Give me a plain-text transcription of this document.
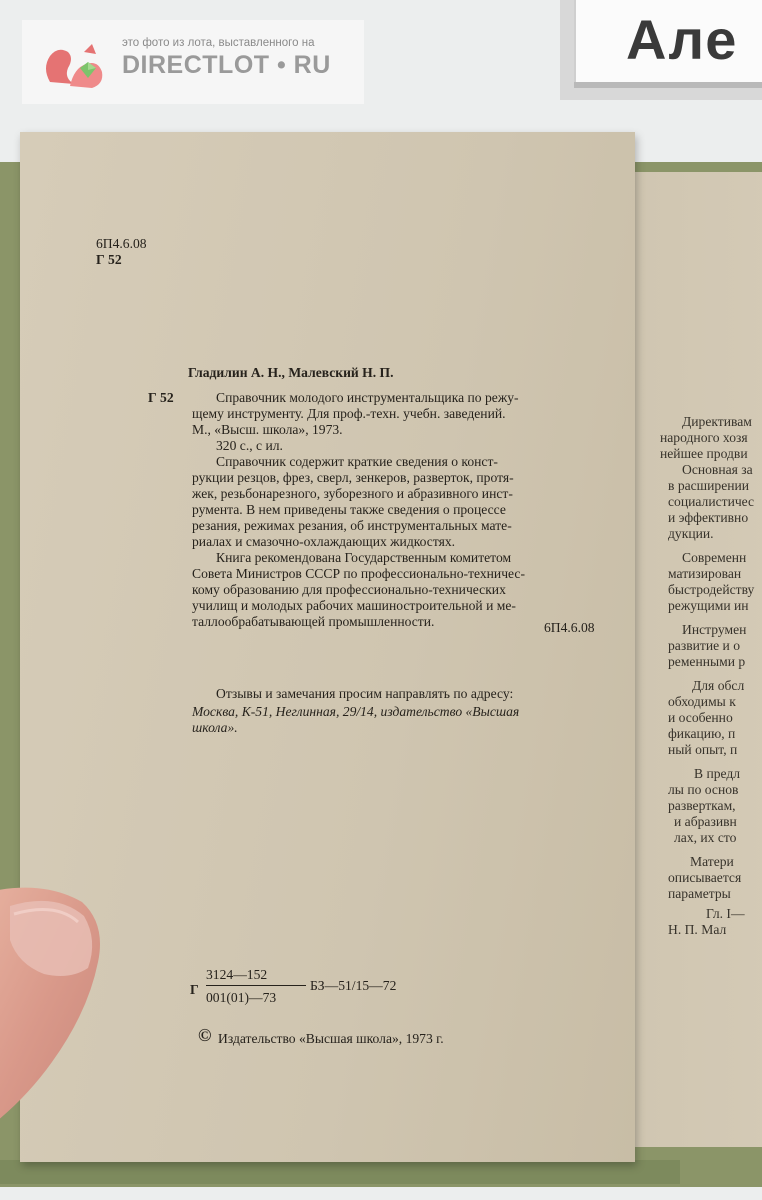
Директивам
народного хозя
нейшее продви
Основная за
в расширении
социалистичес
и эффективно
дукции.
Современн
матизирован
быстродейству
режущими ин
Инструмен
развитие и о
ременными р
Для обсл
обходимы к
и особенно
фикацию, п
ный опыт, п
В предл
лы по основ
разверткам,
и абразивн
лах, их сто
Матери
описывается
параметры
Гл. I—
Н. П. Мал
6П4.6.08
Г 52
Гладилин А. Н., Малевский Н. П.
Г 52	Справочник молодого инструментальщика по режу-
щему инструменту. Для проф.-техн. учебн. заведений.
М., «Высш. школа», 1973.
320 с., с ил.
Справочник содержит краткие сведения о конст-
рукции резцов, фрез, сверл, зенкеров, разверток, протя-
жек, резьбонарезного, зуборезного и абразивного инст-
румента. В нем приведены также сведения о процессе
резания, режимах резания, об инструментальных мате-
риалах и смазочно-охлаждающих жидкостях.
Книга рекомендована Государственным комитетом
Совета Министров СССР по профессионально-техничес-
кому образованию для профессионально-технических
училищ и молодых рабочих машиностроительной и ме-
таллообрабатывающей промышленности.	6П4.6.08
Отзывы и замечания просим направлять по адресу:
Москва, К-51, Неглинная, 29/14, издательство «Высшая
школа».
Г
3124—152
001(01)—73
БЗ—51/15—72
© Издательство «Высшая школа», 1973 г.
это фото из лота, выставленного на
DIRECTLOT • RU	Але
